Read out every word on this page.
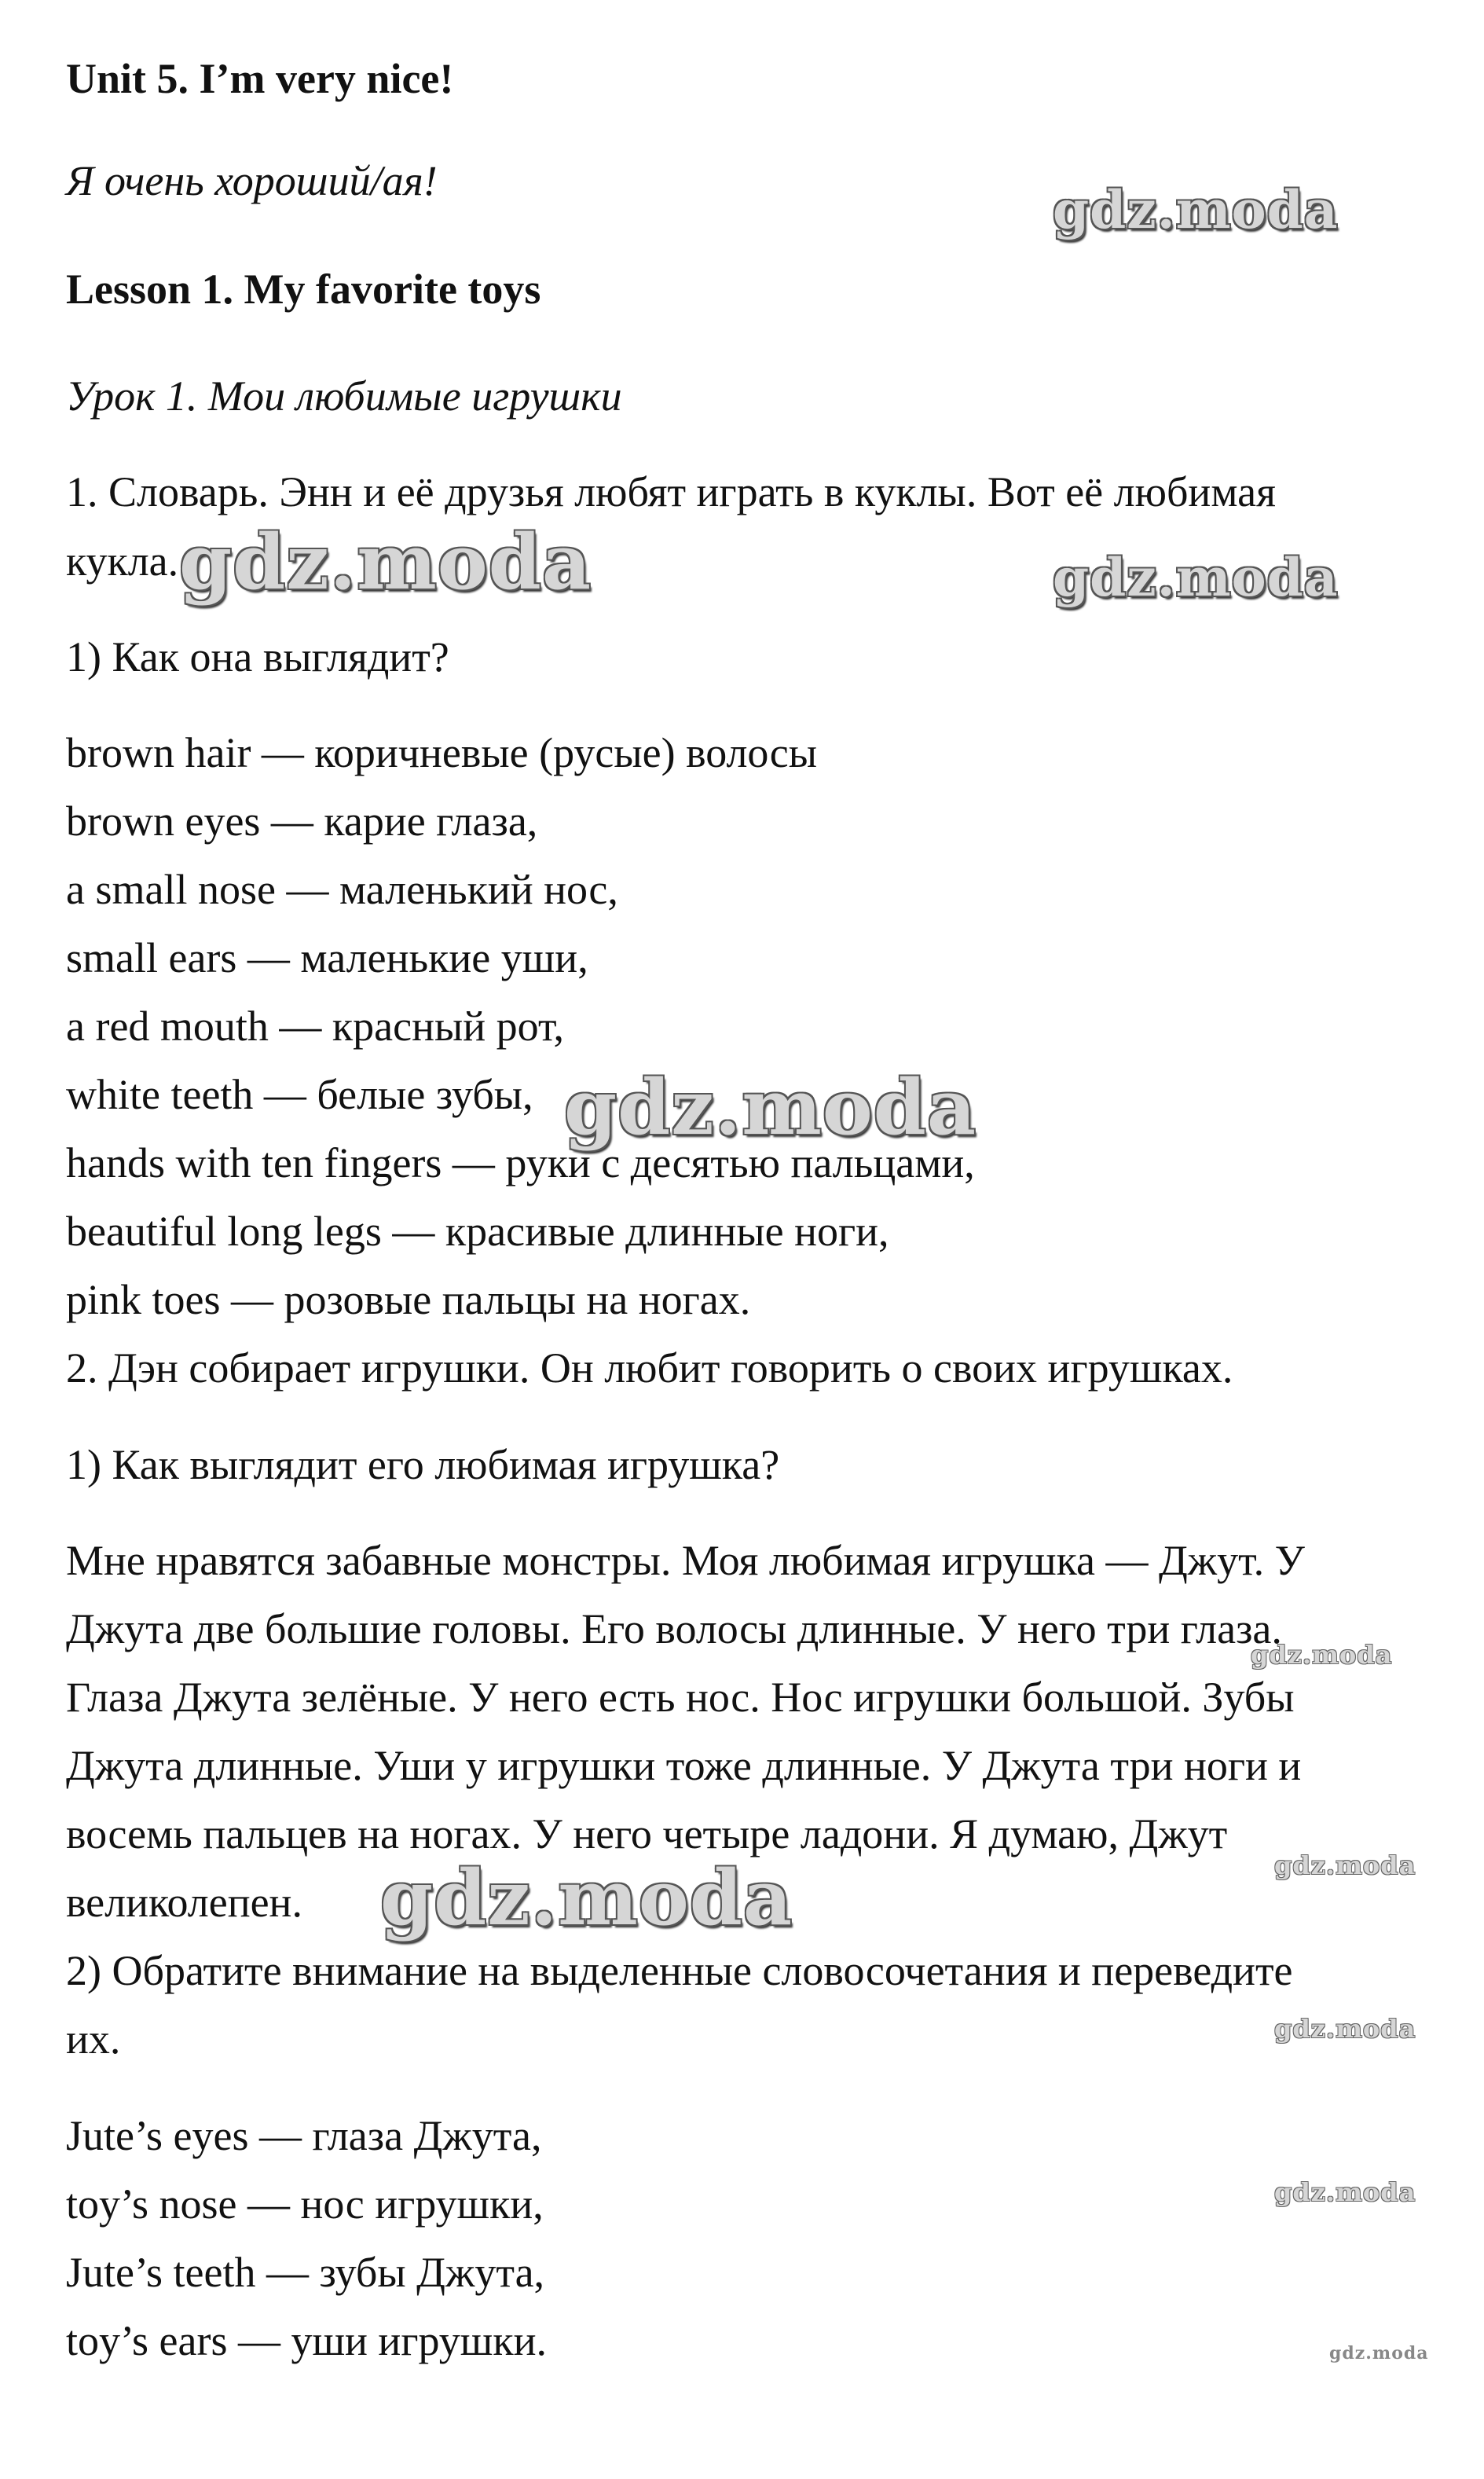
Unit 5. I’m very nice!
Я очень хороший/ая!
Lesson 1. My favorite toys
Урок 1. Мои любимые игрушки
1. Словарь. Энн и её друзья любят играть в куклы. Вот её любимая
кукла.
1) Как она выглядит?
brown hair — коричневые (русые) волосы
brown eyes — карие глаза,
a small nose — маленький нос,
small ears — маленькие уши,
a red mouth — красный рот,
white teeth — белые зубы,
hands with ten fingers — руки с десятью пальцами,
beautiful long legs — красивые длинные ноги,
pink toes — розовые пальцы на ногах.
2. Дэн собирает игрушки. Он любит говорить о своих игрушках.
1) Как выглядит его любимая игрушка?
Мне нравятся забавные монстры. Моя любимая игрушка — Джут. У
Джута две большие головы. Его волосы длинные. У него три глаза.
Глаза Джута зелёные. У него есть нос. Нос игрушки большой. Зубы
Джута длинные. Уши у игрушки тоже длинные. У Джута три ноги и
восемь пальцев на ногах. У него четыре ладони. Я думаю, Джут
великолепен.
2) Обратите внимание на выделенные словосочетания и переведите
их.
Jute’s eyes — глаза Джута,
toy’s nose — нос игрушки,
Jute’s teeth — зубы Джута,
toy’s ears — уши игрушки.
gdz.moda
gdz.moda	gdz.moda
gdz.moda
gdz.moda
gdz.moda
gdz.moda
gdz.moda
gdz.moda
gdz.moda
